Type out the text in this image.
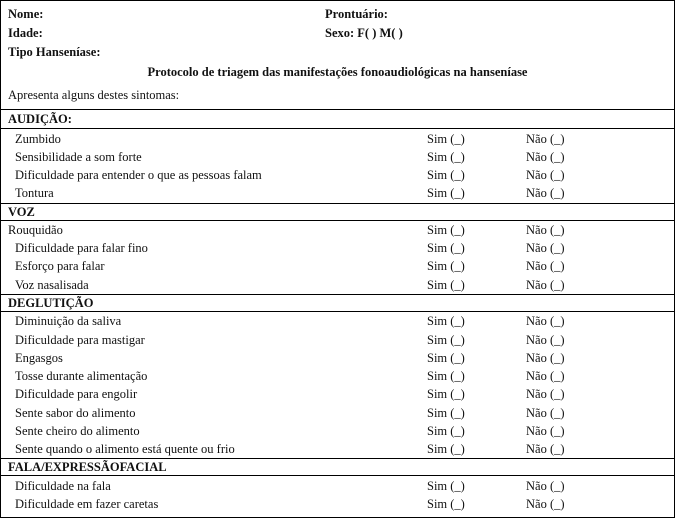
Nome:	Prontuário:
Idade:	Sexo: F( ) M( )
Tipo Hanseníase:
Protocolo de triagem das manifestações fonoaudiológicas na hanseníase
Apresenta alguns destes sintomas:
AUDIÇÃO:
Zumbido	Sim (_)	Não (_)
Sensibilidade a som forte	Sim (_)	Não (_)
Dificuldade para entender o que as pessoas falam	Sim (_)	Não (_)
Tontura	Sim (_)	Não (_)
VOZ
Rouquidão	Sim (_)	Não (_)
Dificuldade para falar fino	Sim (_)	Não (_)
Esforço para falar	Sim (_)	Não (_)
Voz nasalisada	Sim (_)	Não (_)
DEGLUTIÇÃO
Diminuição da saliva	Sim (_)	Não (_)
Dificuldade para mastigar	Sim (_)	Não (_)
Engasgos	Sim (_)	Não (_)
Tosse durante alimentação	Sim (_)	Não (_)
Dificuldade para engolir	Sim (_)	Não (_)
Sente sabor do alimento	Sim (_)	Não (_)
Sente cheiro do alimento	Sim (_)	Não (_)
Sente quando o alimento está quente ou frio	Sim (_)	Não (_)
FALA/EXPRESSÃOFACIAL
Dificuldade na fala	Sim (_)	Não (_)
Dificuldade em fazer caretas	Sim (_)	Não (_)
